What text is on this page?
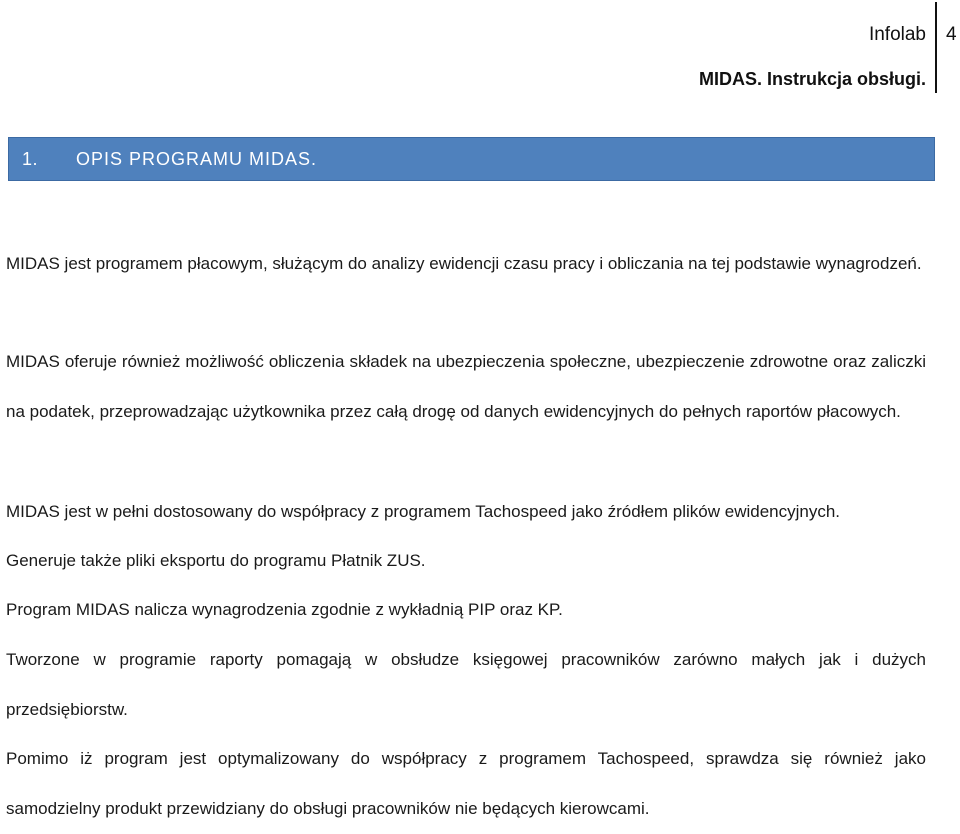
Infolab 4
MIDAS. Instrukcja obsługi.
1. OPIS PROGRAMU MIDAS.

MIDAS jest programem płacowym, służącym do analizy ewidencji czasu pracy i obliczania na tej podstawie wynagrodzeń.

MIDAS oferuje również możliwość obliczenia składek na ubezpieczenia społeczne, ubezpieczenie zdrowotne oraz zaliczki na podatek, przeprowadzając użytkownika przez całą drogę od danych ewidencyjnych do pełnych raportów płacowych.

MIDAS jest w pełni dostosowany do współpracy z programem Tachospeed jako źródłem plików ewidencyjnych.

Generuje także pliki eksportu do programu Płatnik ZUS.

Program MIDAS nalicza wynagrodzenia zgodnie z wykładnią PIP oraz KP.

Tworzone w programie raporty pomagają w obsłudze księgowej pracowników zarówno małych jak i dużych przedsiębiorstw.

Pomimo iż program jest optymalizowany do współpracy z programem Tachospeed, sprawdza się również jako samodzielny produkt przewidziany do obsługi pracowników nie będących kierowcami.
